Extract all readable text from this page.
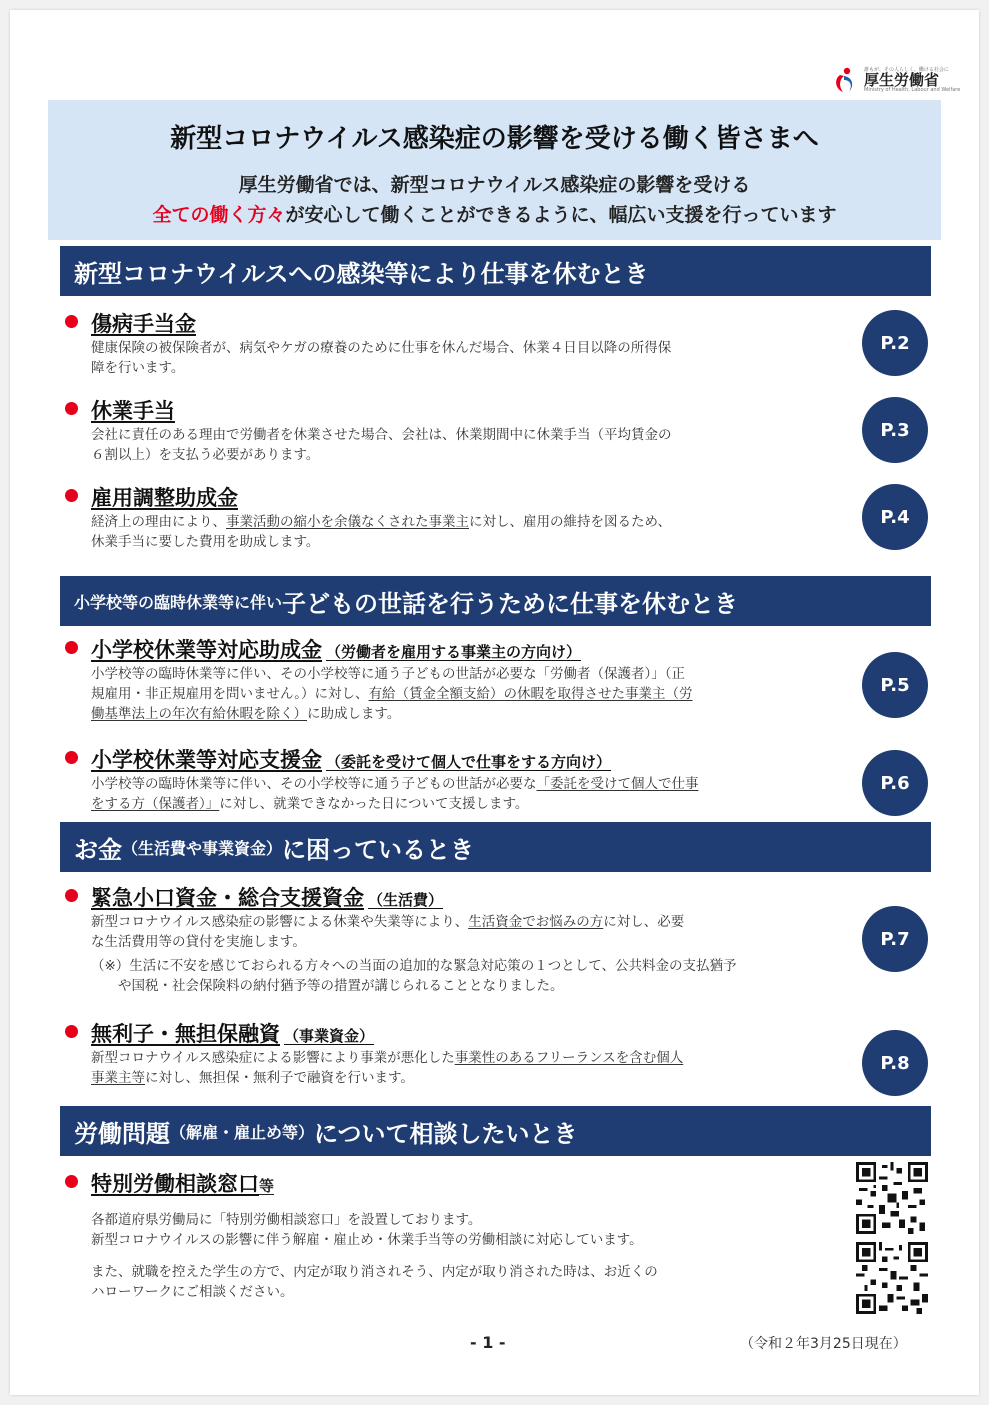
誰もが、その人らしく、働ける社会に
厚生労働省
Ministry of Health, Labour and Welfare
新型コロナウイルス感染症の影響を受ける働く皆さまへ
厚生労働省では、新型コロナウイルス感染症の影響を受ける
全ての働く方々が安心して働くことができるように、幅広い支援を行っています
新型コロナウイルスへの感染等により仕事を休むとき
傷病手当金
健康保険の被保険者が、病気やケガの療養のために仕事を休んだ場合、休業４日目以降の所得保
障を行います。
P.2
休業手当
会社に責任のある理由で労働者を休業させた場合、会社は、休業期間中に休業手当（平均賃金の
６割以上）を支払う必要があります。
P.3
雇用調整助成金
経済上の理由により、事業活動の縮小を余儀なくされた事業主に対し、雇用の維持を図るため、
休業手当に要した費用を助成します。
P.4
小学校等の臨時休業等に伴い 子どもの世話を行うために仕事を休むとき
小学校休業等対応助成金 （労働者を雇用する事業主の方向け）
小学校等の臨時休業等に伴い、その小学校等に通う子どもの世話が必要な「労働者（保護者）」（正
規雇用・非正規雇用を問いません。）に対し、有給（賃金全額支給）の休暇を取得させた事業主（労
働基準法上の年次有給休暇を除く）に助成します。
P.5
小学校休業等対応支援金 （委託を受けて個人で仕事をする方向け）
小学校等の臨時休業等に伴い、その小学校等に通う子どもの世話が必要な「委託を受けて個人で仕事
をする方（保護者）」に対し、就業できなかった日について支援します。
P.6
お金 （生活費や事業資金） に困っているとき
緊急小口資金・総合支援資金 （生活費）
新型コロナウイルス感染症の影響による休業や失業等により、生活資金でお悩みの方に対し、必要
な生活費用等の貸付を実施します。
（※）生活に不安を感じておられる方々への当面の追加的な緊急対応策の１つとして、公共料金の支払猶予
　　や国税・社会保険料の納付猶予等の措置が講じられることとなりました。
P.7
無利子・無担保融資 （事業資金）
新型コロナウイルス感染症による影響により事業が悪化した事業性のあるフリーランスを含む個人
事業主等に対し、無担保・無利子で融資を行います。
P.8
労働問題 （解雇・雇止め等） について相談したいとき
特別労働相談窓口 等
各都道府県労働局に「特別労働相談窓口」を設置しております。
新型コロナウイルスの影響に伴う解雇・雇止め・休業手当等の労働相談に対応しています。
また、就職を控えた学生の方で、内定が取り消されそう、内定が取り消された時は、お近くの
ハローワークにご相談ください。
- 1 -	（令和２年3月25日現在）
